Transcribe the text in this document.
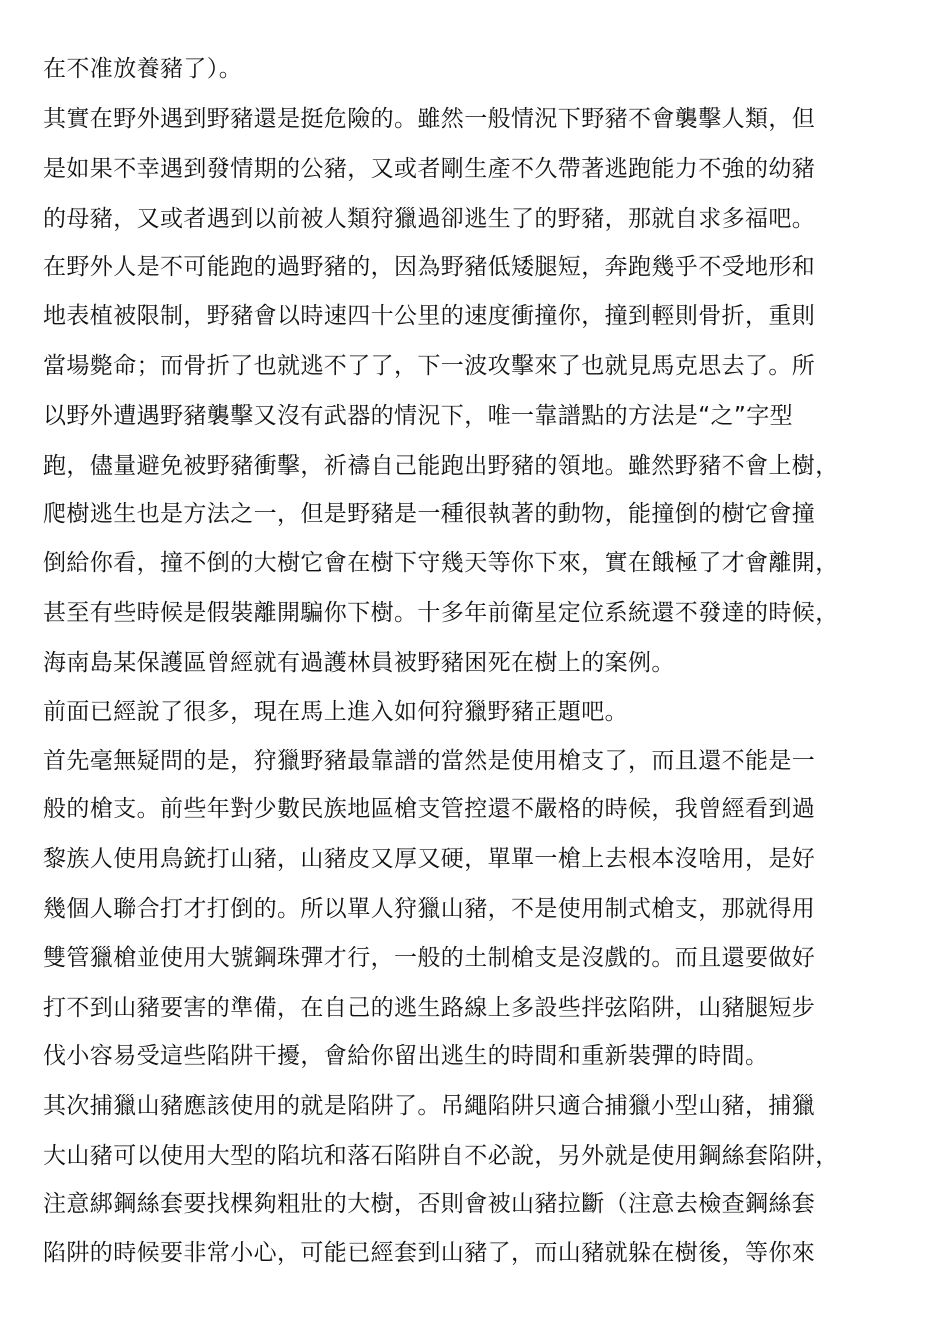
在不准放養豬了）。
其實在野外遇到野豬還是挺危險的。雖然一般情況下野豬不會襲擊人類，但
是如果不幸遇到發情期的公豬，又或者剛生產不久帶著逃跑能力不強的幼豬
的母豬，又或者遇到以前被人類狩獵過卻逃生了的野豬，那就自求多福吧。
在野外人是不可能跑的過野豬的，因為野豬低矮腿短，奔跑幾乎不受地形和
地表植被限制，野豬會以時速四十公里的速度衝撞你，撞到輕則骨折，重則
當場斃命；而骨折了也就逃不了了，下一波攻擊來了也就見馬克思去了。所
以野外遭遇野豬襲擊又沒有武器的情況下，唯一靠譜點的方法是“之”字型
跑，儘量避免被野豬衝擊，祈禱自己能跑出野豬的領地。雖然野豬不會上樹，
爬樹逃生也是方法之一，但是野豬是一種很執著的動物，能撞倒的樹它會撞
倒給你看，撞不倒的大樹它會在樹下守幾天等你下來，實在餓極了才會離開，
甚至有些時候是假裝離開騙你下樹。十多年前衛星定位系統還不發達的時候，
海南島某保護區曾經就有過護林員被野豬困死在樹上的案例。
前面已經說了很多，現在馬上進入如何狩獵野豬正題吧。
首先毫無疑問的是，狩獵野豬最靠譜的當然是使用槍支了，而且還不能是一
般的槍支。前些年對少數民族地區槍支管控還不嚴格的時候，我曾經看到過
黎族人使用鳥銃打山豬，山豬皮又厚又硬，單單一槍上去根本沒啥用，是好
幾個人聯合打才打倒的。所以單人狩獵山豬，不是使用制式槍支，那就得用
雙管獵槍並使用大號鋼珠彈才行，一般的土制槍支是沒戲的。而且還要做好
打不到山豬要害的準備，在自己的逃生路線上多設些拌弦陷阱，山豬腿短步
伐小容易受這些陷阱干擾，會給你留出逃生的時間和重新裝彈的時間。
其次捕獵山豬應該使用的就是陷阱了。吊繩陷阱只適合捕獵小型山豬，捕獵
大山豬可以使用大型的陷坑和落石陷阱自不必說，另外就是使用鋼絲套陷阱，
注意綁鋼絲套要找棵夠粗壯的大樹，否則會被山豬拉斷（注意去檢查鋼絲套
陷阱的時候要非常小心，可能已經套到山豬了，而山豬就躲在樹後，等你來
